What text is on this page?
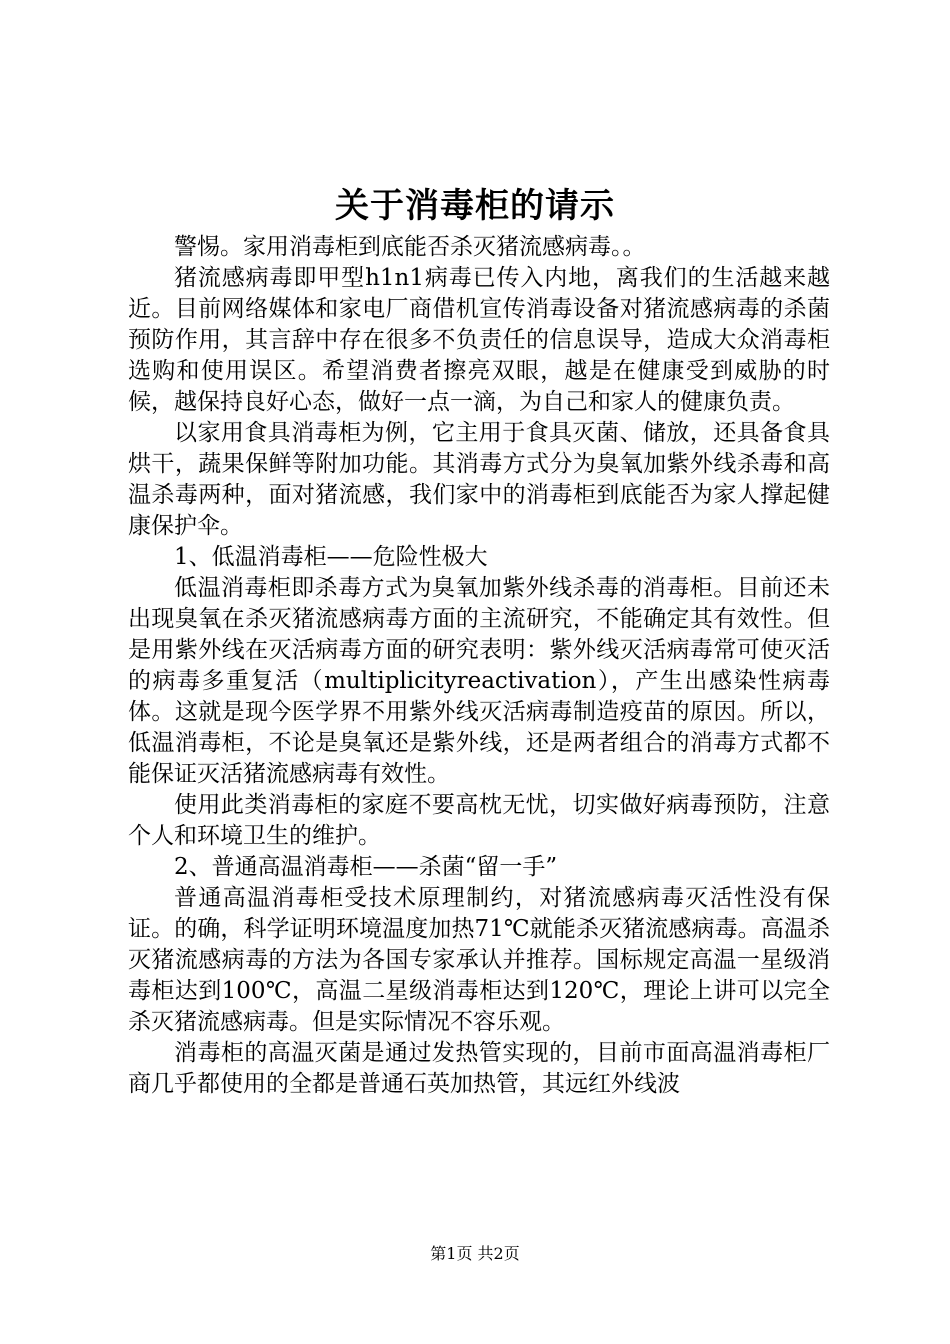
关于消毒柜的请示

警惕。家用消毒柜到底能否杀灭猪流感病毒。。

猪流感病毒即甲型h1n1病毒已传入内地，离我们的生活越来越近。目前网络媒体和家电厂商借机宣传消毒设备对猪流感病毒的杀菌预防作用，其言辞中存在很多不负责任的信息误导，造成大众消毒柜选购和使用误区。希望消费者擦亮双眼，越是在健康受到威胁的时候，越保持良好心态，做好一点一滴，为自己和家人的健康负责。

以家用食具消毒柜为例，它主用于食具灭菌、储放，还具备食具烘干，蔬果保鲜等附加功能。其消毒方式分为臭氧加紫外线杀毒和高温杀毒两种，面对猪流感，我们家中的消毒柜到底能否为家人撑起健康保护伞。

1、低温消毒柜——危险性极大

低温消毒柜即杀毒方式为臭氧加紫外线杀毒的消毒柜。目前还未出现臭氧在杀灭猪流感病毒方面的主流研究，不能确定其有效性。但是用紫外线在灭活病毒方面的研究表明：紫外线灭活病毒常可使灭活的病毒多重复活（multiplicityreactivation），产生出感染性病毒体。这就是现今医学界不用紫外线灭活病毒制造疫苗的原因。所以，低温消毒柜，不论是臭氧还是紫外线，还是两者组合的消毒方式都不能保证灭活猪流感病毒有效性。

使用此类消毒柜的家庭不要高枕无忧，切实做好病毒预防，注意个人和环境卫生的维护。

2、普通高温消毒柜——杀菌“留一手”

普通高温消毒柜受技术原理制约，对猪流感病毒灭活性没有保证。的确，科学证明环境温度加热71℃就能杀灭猪流感病毒。高温杀灭猪流感病毒的方法为各国专家承认并推荐。国标规定高温一星级消毒柜达到100℃，高温二星级消毒柜达到120℃，理论上讲可以完全杀灭猪流感病毒。但是实际情况不容乐观。

消毒柜的高温灭菌是通过发热管实现的，目前市面高温消毒柜厂商几乎都使用的全都是普通石英加热管，其远红外线波

第1页 共2页
